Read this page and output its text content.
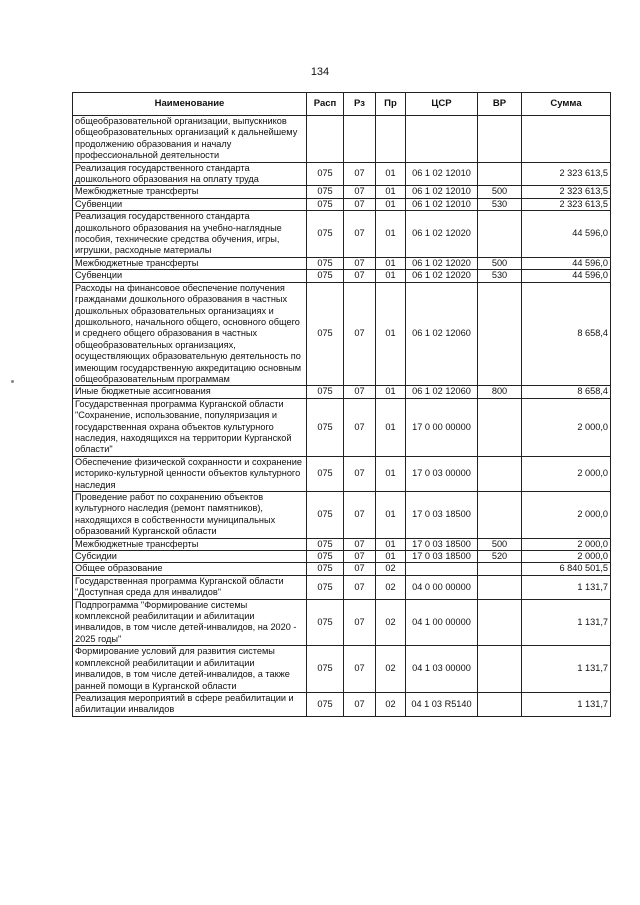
134
Наименование	Расп	Рз	Пр	ЦСР	ВР	Сумма
общеобразовательной организации, выпускников общеобразовательных организаций к дальнейшему продолжению образования и началу профессиональной деятельности						
Реализация государственного стандарта дошкольного образования на оплату труда	075	07	01	06 1 02 12010		2 323 613,5
Межбюджетные трансферты	075	07	01	06 1 02 12010	500	2 323 613,5
Субвенции	075	07	01	06 1 02 12010	530	2 323 613,5
Реализация государственного стандарта дошкольного образования на учебно-наглядные пособия, технические средства обучения, игры, игрушки, расходные материалы	075	07	01	06 1 02 12020		44 596,0
Межбюджетные трансферты	075	07	01	06 1 02 12020	500	44 596,0
Субвенции	075	07	01	06 1 02 12020	530	44 596,0
Расходы на финансовое обеспечение получения гражданами дошкольного образования в частных дошкольных образовательных организациях и дошкольного, начального общего, основного общего и среднего общего образования в частных общеобразовательных организациях, осуществляющих образовательную деятельность по имеющим государственную аккредитацию основным общеобразовательным программам	075	07	01	06 1 02 12060		8 658,4
Иные бюджетные ассигнования	075	07	01	06 1 02 12060	800	8 658,4
Государственная программа Курганской области "Сохранение, использование, популяризация и государственная охрана объектов культурного наследия, находящихся на территории Курганской области"	075	07	01	17 0 00 00000		2 000,0
Обеспечение физической сохранности и сохранение историко-культурной ценности объектов культурного наследия	075	07	01	17 0 03 00000		2 000,0
Проведение работ по сохранению объектов культурного наследия (ремонт памятников), находящихся в собственности муниципальных образований Курганской области	075	07	01	17 0 03 18500		2 000,0
Межбюджетные трансферты	075	07	01	17 0 03 18500	500	2 000,0
Субсидии	075	07	01	17 0 03 18500	520	2 000,0
Общее образование	075	07	02			6 840 501,5
Государственная программа Курганской области "Доступная среда для инвалидов"	075	07	02	04 0 00 00000		1 131,7
Подпрограмма "Формирование системы комплексной реабилитации и абилитации инвалидов, в том числе детей-инвалидов, на 2020 - 2025 годы"	075	07	02	04 1 00 00000		1 131,7
Формирование условий для развития системы комплексной реабилитации и абилитации инвалидов, в том числе детей-инвалидов, а также ранней помощи в Курганской области	075	07	02	04 1 03 00000		1 131,7
Реализация мероприятий в сфере реабилитации и абилитации инвалидов	075	07	02	04 1 03 R5140		1 131,7
